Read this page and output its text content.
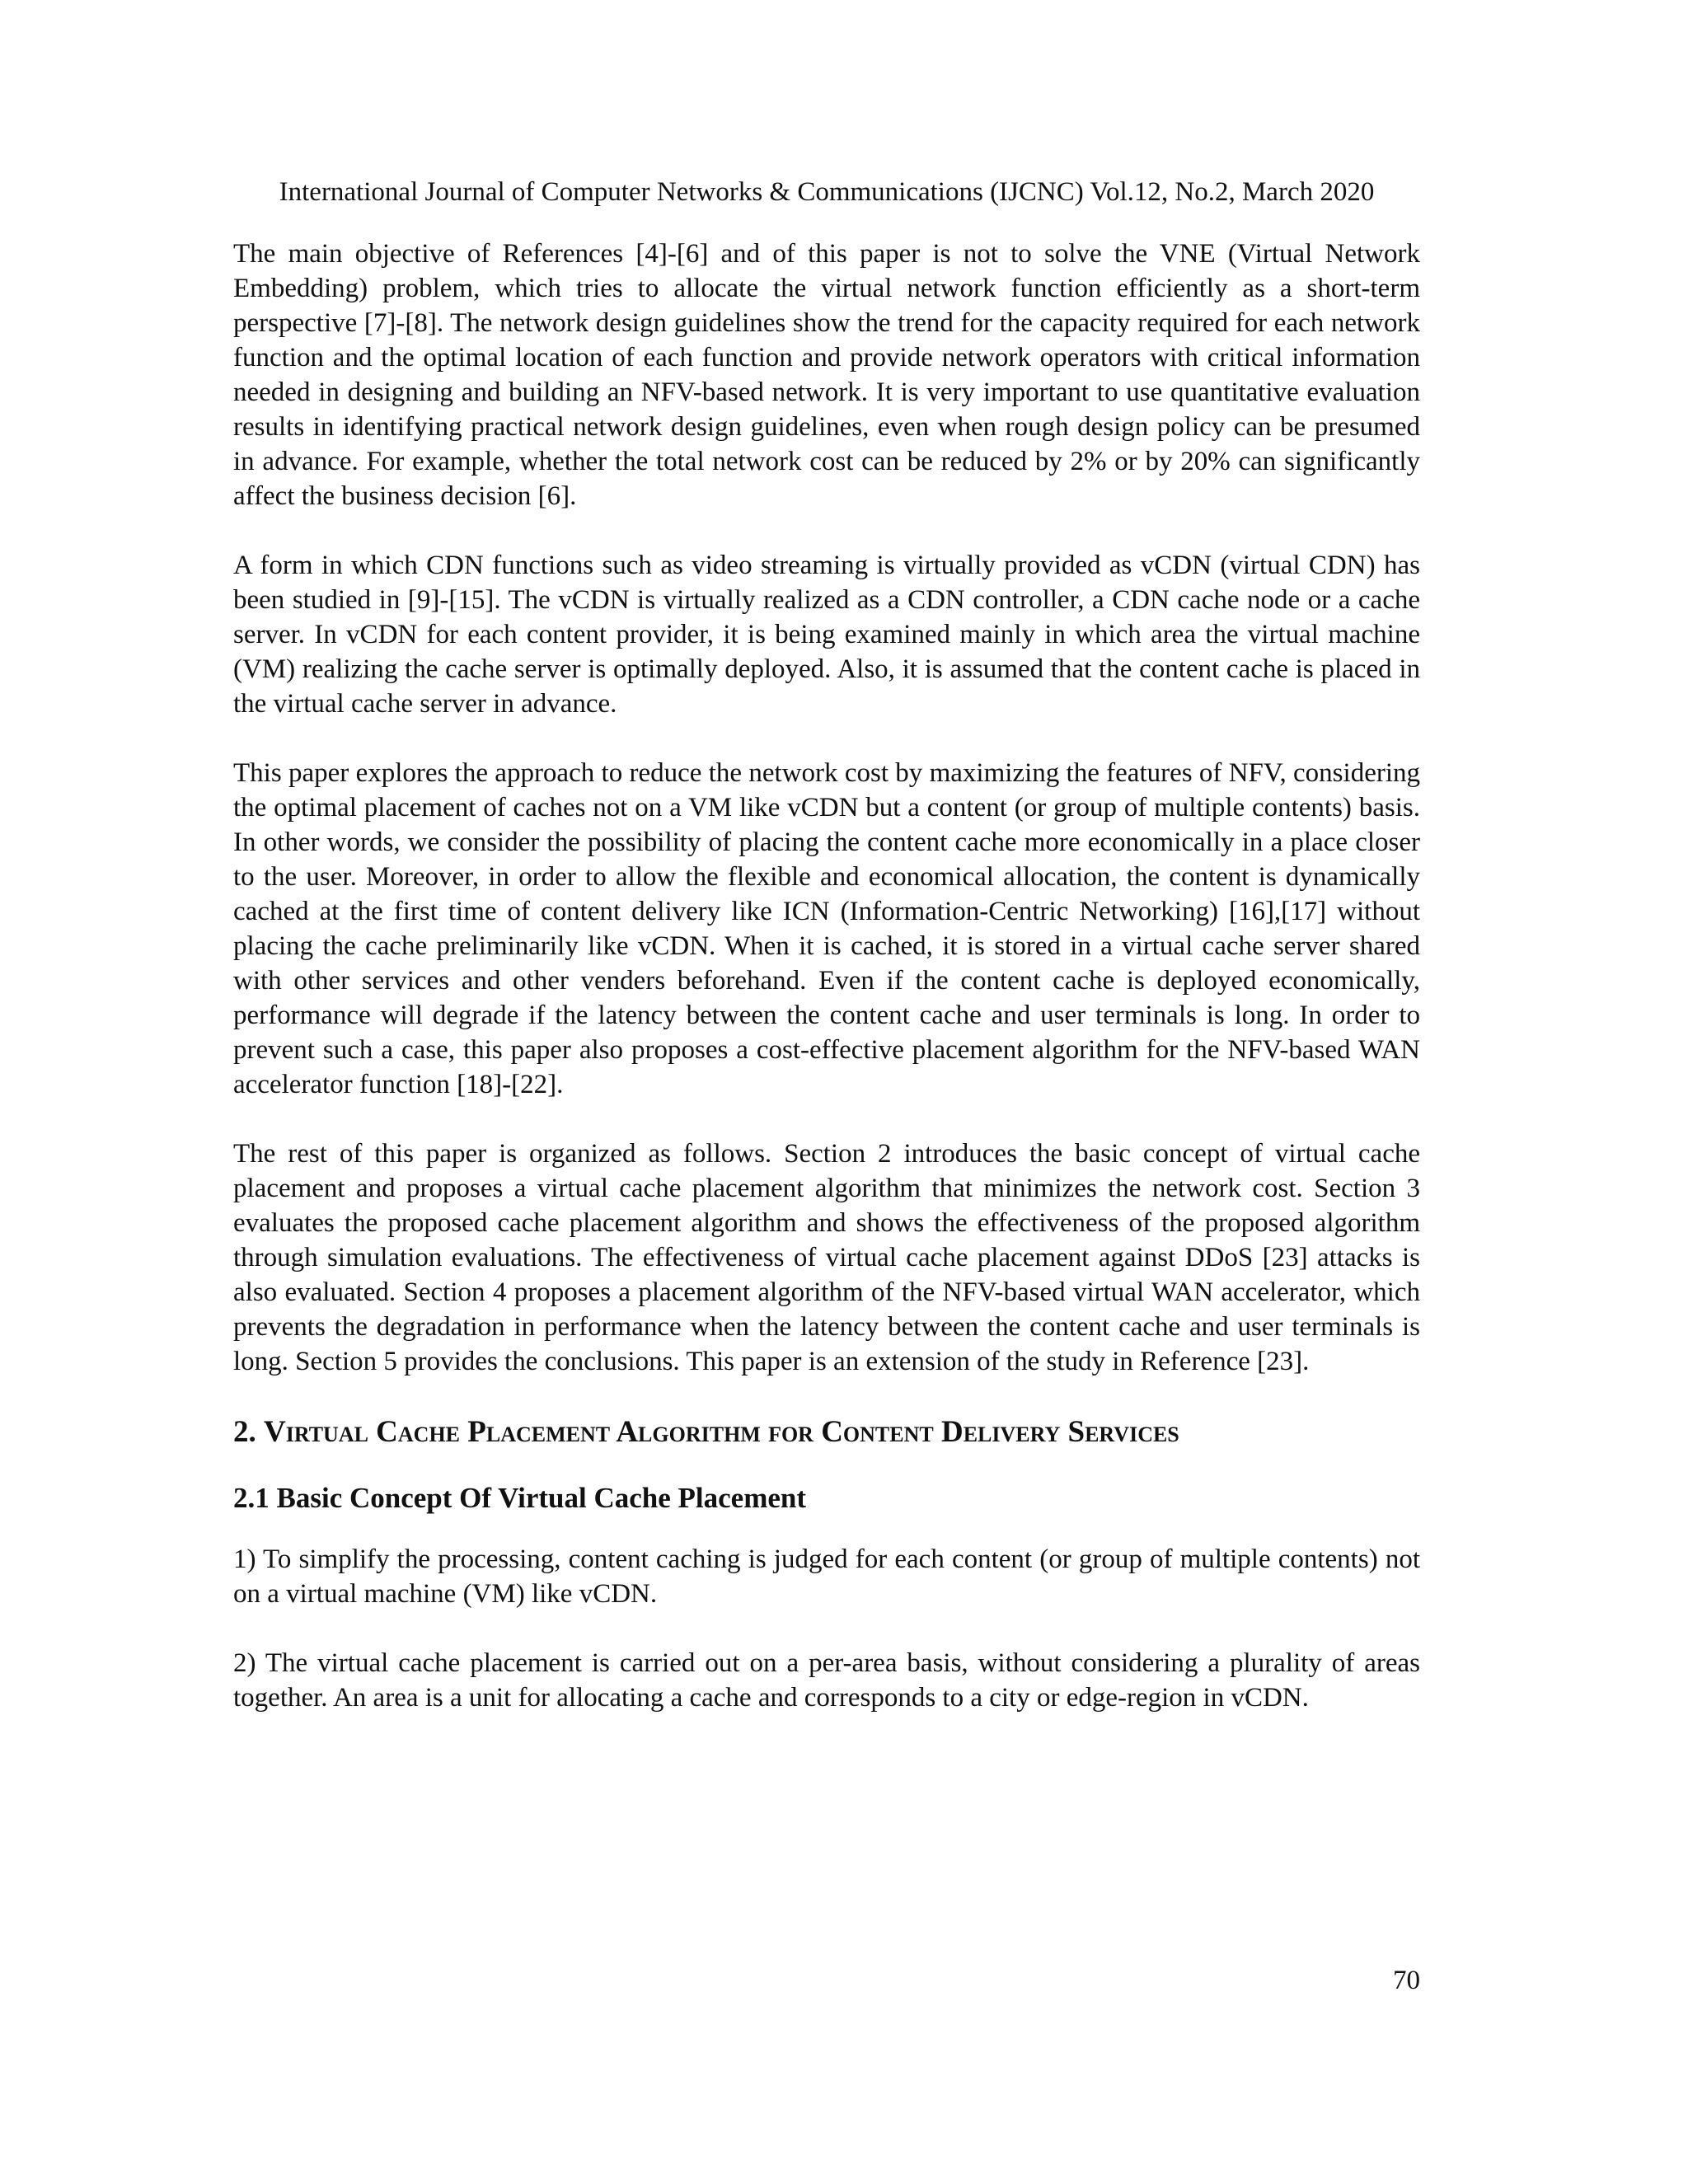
International Journal of Computer Networks & Communications (IJCNC) Vol.12, No.2, March 2020

The main objective of References [4]-[6] and of this paper is not to solve the VNE (Virtual Network Embedding) problem, which tries to allocate the virtual network function efficiently as a short-term perspective [7]-[8]. The network design guidelines show the trend for the capacity required for each network function and the optimal location of each function and provide network operators with critical information needed in designing and building an NFV-based network. It is very important to use quantitative evaluation results in identifying practical network design guidelines, even when rough design policy can be presumed in advance. For example, whether the total network cost can be reduced by 2% or by 20% can significantly affect the business decision [6].

A form in which CDN functions such as video streaming is virtually provided as vCDN (virtual CDN) has been studied in [9]-[15]. The vCDN is virtually realized as a CDN controller, a CDN cache node or a cache server. In vCDN for each content provider, it is being examined mainly in which area the virtual machine (VM) realizing the cache server is optimally deployed. Also, it is assumed that the content cache is placed in the virtual cache server in advance.

This paper explores the approach to reduce the network cost by maximizing the features of NFV, considering the optimal placement of caches not on a VM like vCDN but a content (or group of multiple contents) basis. In other words, we consider the possibility of placing the content cache more economically in a place closer to the user. Moreover, in order to allow the flexible and economical allocation, the content is dynamically cached at the first time of content delivery like ICN (Information-Centric Networking) [16],[17] without placing the cache preliminarily like vCDN. When it is cached, it is stored in a virtual cache server shared with other services and other venders beforehand. Even if the content cache is deployed economically, performance will degrade if the latency between the content cache and user terminals is long. In order to prevent such a case, this paper also proposes a cost-effective placement algorithm for the NFV-based WAN accelerator function [18]-[22].

The rest of this paper is organized as follows. Section 2 introduces the basic concept of virtual cache placement and proposes a virtual cache placement algorithm that minimizes the network cost. Section 3 evaluates the proposed cache placement algorithm and shows the effectiveness of the proposed algorithm through simulation evaluations. The effectiveness of virtual cache placement against DDoS [23] attacks is also evaluated. Section 4 proposes a placement algorithm of the NFV-based virtual WAN accelerator, which prevents the degradation in performance when the latency between the content cache and user terminals is long. Section 5 provides the conclusions. This paper is an extension of the study in Reference [23].

2. Virtual Cache Placement Algorithm for Content Delivery Services
2.1 Basic Concept Of Virtual Cache Placement

1) To simplify the processing, content caching is judged for each content (or group of multiple contents) not on a virtual machine (VM) like vCDN.

2) The virtual cache placement is carried out on a per-area basis, without considering a plurality of areas together. An area is a unit for allocating a cache and corresponds to a city or edge-region in vCDN.

70
